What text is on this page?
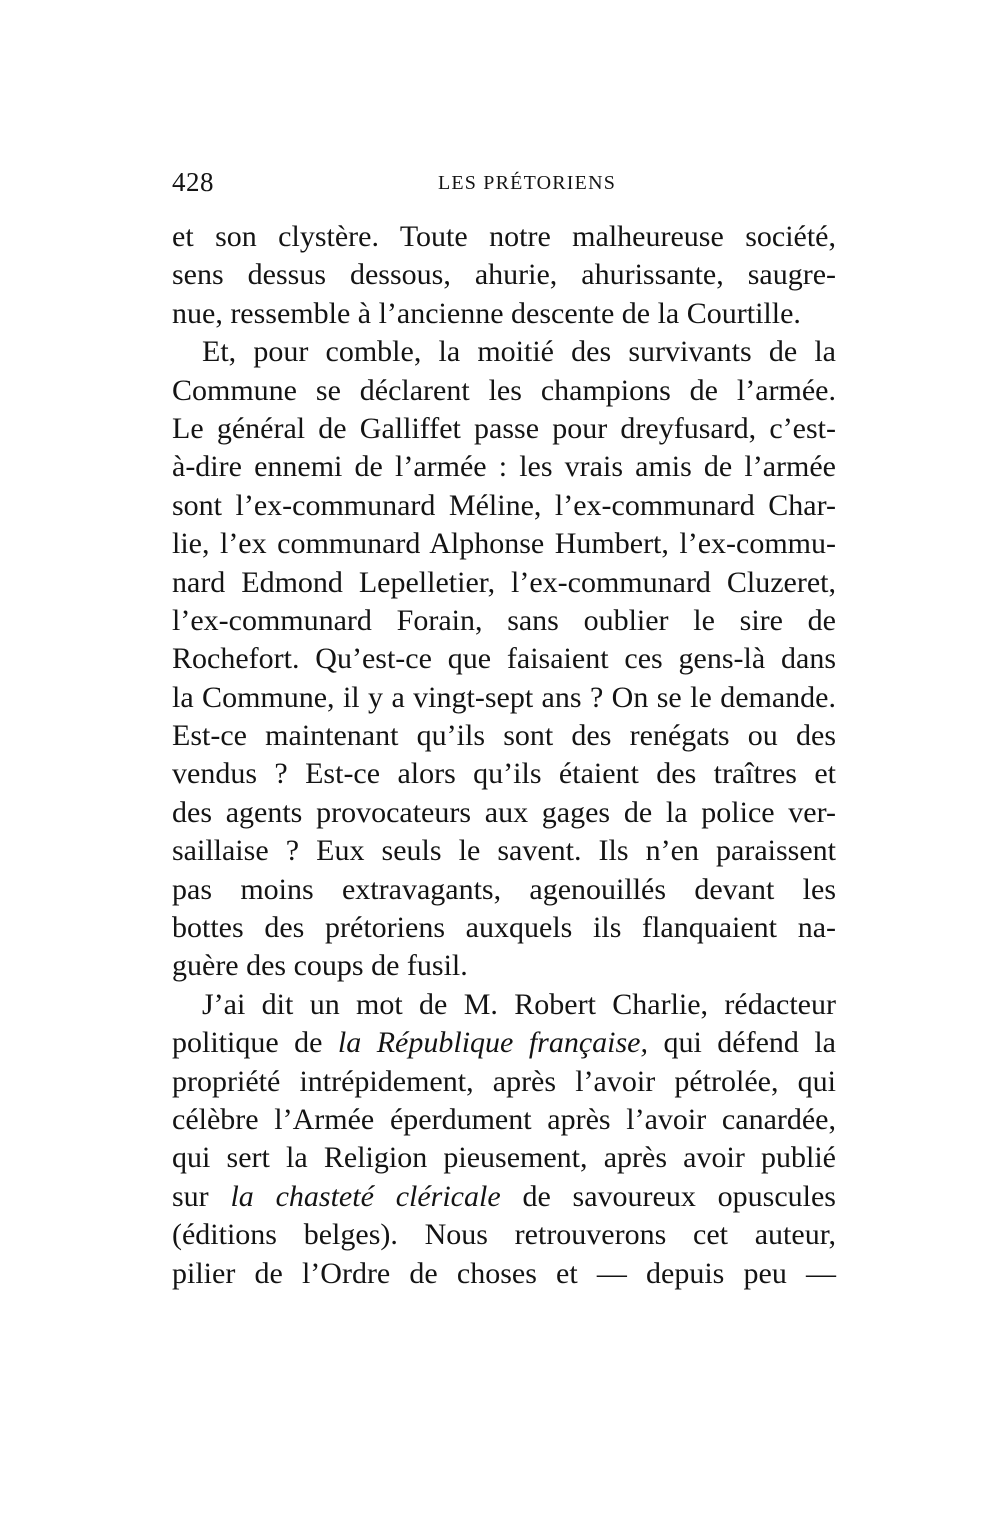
428	LES PRÉTORIENS
et son clystère. Toute notre malheureuse société,
sens dessus dessous, ahurie, ahurissante, saugre-
nue, ressemble à l’ancienne descente de la Courtille.
Et, pour comble, la moitié des survivants de la
Commune se déclarent les champions de l’armée.
Le général de Galliffet passe pour dreyfusard, c’est-
à-dire ennemi de l’armée : les vrais amis de l’armée
sont l’ex-communard Méline, l’ex-communard Char-
lie, l’ex communard Alphonse Humbert, l’ex-commu-
nard Edmond Lepelletier, l’ex-communard Cluzeret,
l’ex-communard Forain, sans oublier le sire de
Rochefort. Qu’est-ce que faisaient ces gens-là dans
la Commune, il y a vingt-sept ans ? On se le demande.
Est-ce maintenant qu’ils sont des renégats ou des
vendus ? Est-ce alors qu’ils étaient des traîtres et
des agents provocateurs aux gages de la police ver-
saillaise ? Eux seuls le savent. Ils n’en paraissent
pas moins extravagants, agenouillés devant les
bottes des prétoriens auxquels ils flanquaient na-
guère des coups de fusil.
J’ai dit un mot de M. Robert Charlie, rédacteur
politique de la République française, qui défend la
propriété intrépidement, après l’avoir pétrolée, qui
célèbre l’Armée éperdument après l’avoir canardée,
qui sert la Religion pieusement, après avoir publié
sur la chasteté cléricale de savoureux opuscules
(éditions belges). Nous retrouverons cet auteur,
pilier de l’Ordre de choses et — depuis peu —
